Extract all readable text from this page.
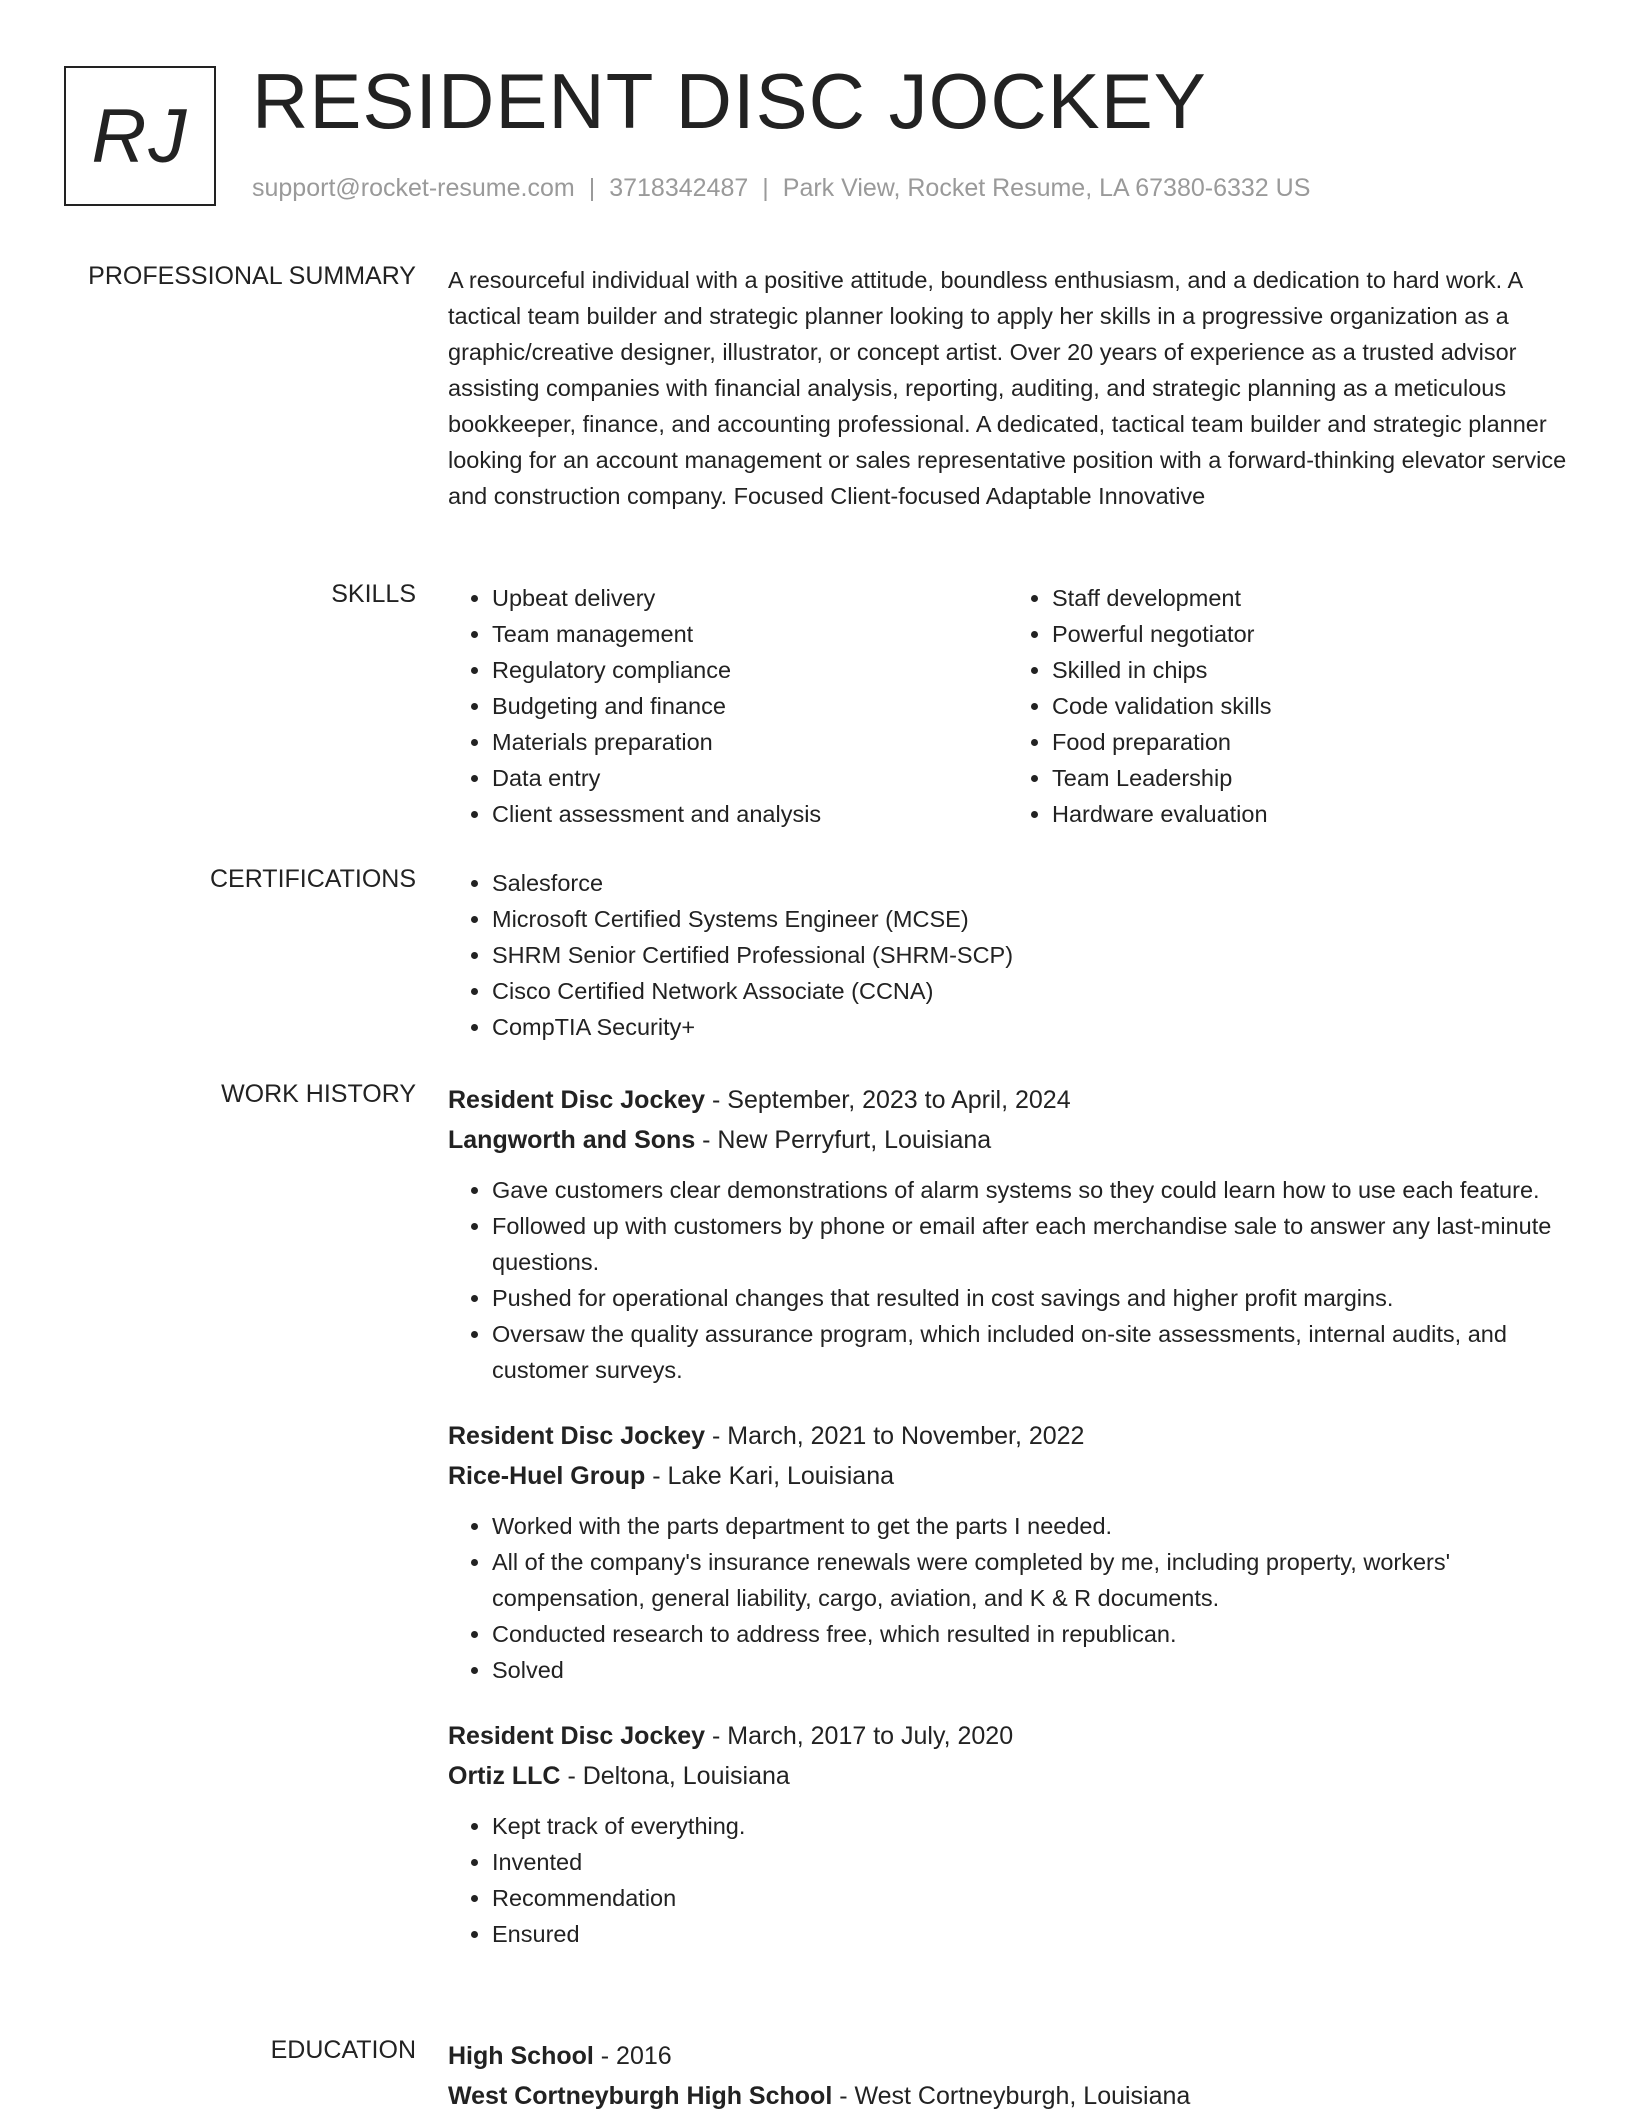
RJ RESIDENT DISC JOCKEY
support@rocket-resume.com | 3718342487 | Park View, Rocket Resume, LA 67380-6332 US
PROFESSIONAL SUMMARY A resourceful individual with a positive attitude, boundless enthusiasm, and a dedication to hard work. A tactical team builder and strategic planner looking to apply her skills in a progressive organization as a graphic/creative designer, illustrator, or concept artist. Over 20 years of experience as a trusted advisor assisting companies with financial analysis, reporting, auditing, and strategic planning as a meticulous bookkeeper, finance, and accounting professional. A dedicated, tactical team builder and strategic planner looking for an account management or sales representative position with a forward-thinking elevator service and construction company. Focused Client-focused Adaptable Innovative

SKILLS	• Upbeat delivery
• Team management
• Regulatory compliance
• Budgeting and finance
• Materials preparation
• Data entry
• Client assessment and analysis
• Staff development
• Powerful negotiator
• Skilled in chips
• Code validation skills
• Food preparation
• Team Leadership
• Hardware evaluation
CERTIFICATIONS	• Salesforce
• Microsoft Certified Systems Engineer (MCSE)
• SHRM Senior Certified Professional (SHRM-SCP)
• Cisco Certified Network Associate (CCNA)
• CompTIA Security+
WORK HISTORY Resident Disc Jockey - September, 2023 to April, 2024
Langworth and Sons - New Perryfurt, Louisiana
• Gave customers clear demonstrations of alarm systems so they could learn how to use each feature.
• Followed up with customers by phone or email after each merchandise sale to answer any last-minute questions.
• Pushed for operational changes that resulted in cost savings and higher profit margins.
• Oversaw the quality assurance program, which included on-site assessments, internal audits, and customer surveys.
Resident Disc Jockey - March, 2021 to November, 2022
Rice-Huel Group - Lake Kari, Louisiana
• Worked with the parts department to get the parts I needed.
• All of the company's insurance renewals were completed by me, including property, workers' compensation, general liability, cargo, aviation, and K & R documents.
• Conducted research to address free, which resulted in republican.
• Solved
Resident Disc Jockey - March, 2017 to July, 2020
Ortiz LLC - Deltona, Louisiana
• Kept track of everything.
• Invented
• Recommendation
• Ensured
EDUCATION High School - 2016
West Cortneyburgh High School - West Cortneyburgh, Louisiana
